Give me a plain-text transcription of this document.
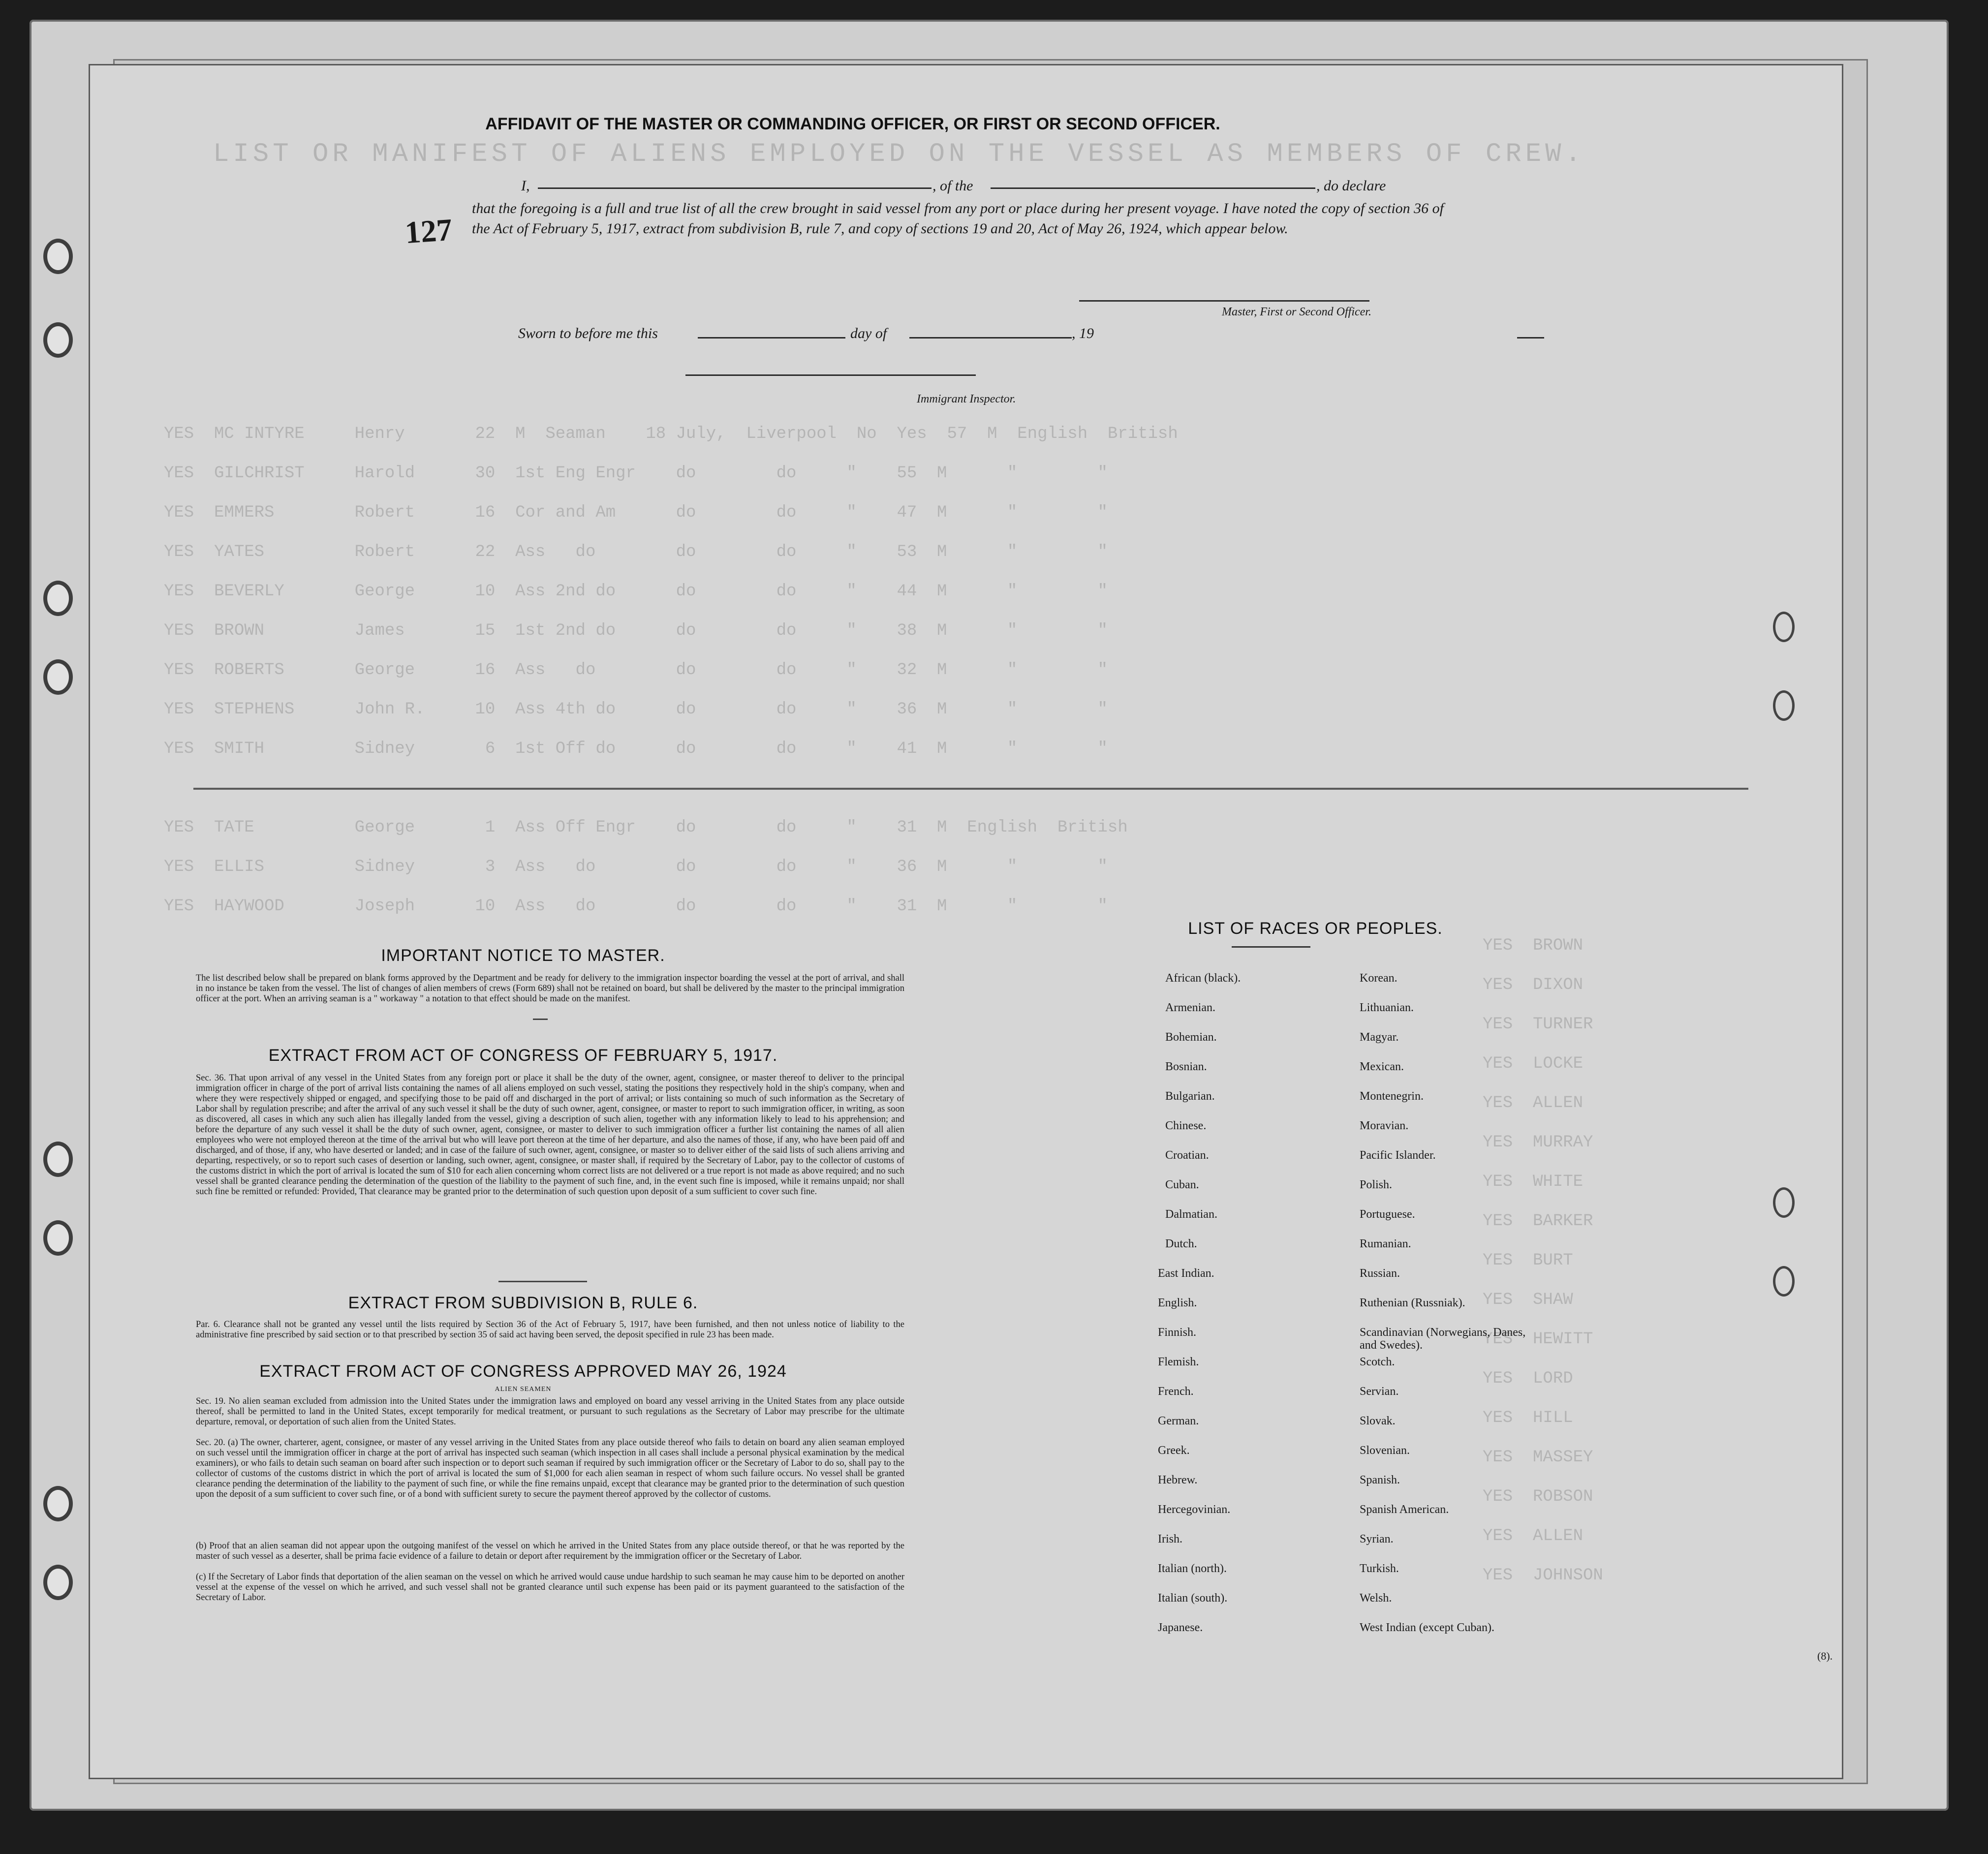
LIST OR MANIFEST OF ALIENS EMPLOYED ON THE VESSEL AS MEMBERS OF CREW.
YES  MC INTYRE     Henry       22  M  Seaman    18 July,  Liverpool  No  Yes  57  M  English  British
YES  GILCHRIST     Harold      30  1st Eng Engr    do        do     "    55  M      "        "
YES  EMMERS        Robert      16  Cor and Am      do        do     "    47  M      "        "
YES  YATES         Robert      22  Ass   do        do        do     "    53  M      "        "
YES  BEVERLY       George      10  Ass 2nd do      do        do     "    44  M      "        "
YES  BROWN         James       15  1st 2nd do      do        do     "    38  M      "        "
YES  ROBERTS       George      16  Ass   do        do        do     "    32  M      "        "
YES  STEPHENS      John R.     10  Ass 4th do      do        do     "    36  M      "        "
YES  SMITH         Sidney       6  1st Off do      do        do     "    41  M      "        "
YES  TATE          George       1  Ass Off Engr    do        do     "    31  M  English  British
YES  ELLIS         Sidney       3  Ass   do        do        do     "    36  M      "        "
YES  HAYWOOD       Joseph      10  Ass   do        do        do     "    31  M      "        "
YES  BROWN
YES  DIXON
YES  TURNER
YES  LOCKE
YES  ALLEN
YES  MURRAY
YES  WHITE
YES  BARKER
YES  BURT
YES  SHAW
YES  HEWITT
YES  LORD
YES  HILL
YES  MASSEY
YES  ROBSON
YES  ALLEN
YES  JOHNSON
127
AFFIDAVIT OF THE MASTER OR COMMANDING OFFICER, OR FIRST OR SECOND OFFICER.
I,	, of the	, do declare
that the foregoing is a full and true list of all the crew brought in said vessel from any port or place during her present voyage. I have noted the copy of section 36 of the Act of February 5, 1917, extract from subdivision B, rule 7, and copy of sections 19 and 20, Act of May 26, 1924, which appear below.
Master, First or Second Officer.
Sworn to before me this	day of	, 19
Immigrant Inspector.
IMPORTANT NOTICE TO MASTER.
The list described below shall be prepared on blank forms approved by the Department and be ready for delivery to the immigration inspector boarding the vessel at the port of arrival, and shall in no instance be taken from the vessel. The list of changes of alien members of crews (Form 689) shall not be retained on board, but shall be delivered by the master to the principal immigration officer at the port. When an arriving seaman is a " workaway " a notation to that effect should be made on the manifest.
EXTRACT FROM ACT OF CONGRESS OF FEBRUARY 5, 1917.
Sec. 36. That upon arrival of any vessel in the United States from any foreign port or place it shall be the duty of the owner, agent, consignee, or master thereof to deliver to the principal immigration officer in charge of the port of arrival lists containing the names of all aliens employed on such vessel, stating the positions they respectively hold in the ship's company, when and where they were respectively shipped or engaged, and specifying those to be paid off and discharged in the port of arrival; or lists containing so much of such information as the Secretary of Labor shall by regulation prescribe; and after the arrival of any such vessel it shall be the duty of such owner, agent, consignee, or master to report to such immigration officer, in writing, as soon as discovered, all cases in which any such alien has illegally landed from the vessel, giving a description of such alien, together with any information likely to lead to his apprehension; and before the departure of any such vessel it shall be the duty of such owner, agent, consignee, or master to deliver to such immigration officer a further list containing the names of all alien employees who were not employed thereon at the time of the arrival but who will leave port thereon at the time of her departure, and also the names of those, if any, who have been paid off and discharged, and of those, if any, who have deserted or landed; and in case of the failure of such owner, agent, consignee, or master so to deliver either of the said lists of such aliens arriving and departing, respectively, or so to report such cases of desertion or landing, such owner, agent, consignee, or master shall, if required by the Secretary of Labor, pay to the collector of customs of the customs district in which the port of arrival is located the sum of $10 for each alien concerning whom correct lists are not delivered or a true report is not made as above required; and no such vessel shall be granted clearance pending the determination of the question of the liability to the payment of such fine, and, in the event such fine is imposed, while it remains unpaid; nor shall such fine be remitted or refunded: Provided, That clearance may be granted prior to the determination of such question upon deposit of a sum sufficient to cover such fine.
EXTRACT FROM SUBDIVISION B, RULE 6.
Par. 6. Clearance shall not be granted any vessel until the lists required by Section 36 of the Act of February 5, 1917, have been furnished, and then not unless notice of liability to the administrative fine prescribed by said section or to that prescribed by section 35 of said act having been served, the deposit specified in rule 23 has been made.
EXTRACT FROM ACT OF CONGRESS APPROVED MAY 26, 1924
ALIEN SEAMEN
Sec. 19. No alien seaman excluded from admission into the United States under the immigration laws and employed on board any vessel arriving in the United States from any place outside thereof, shall be permitted to land in the United States, except temporarily for medical treatment, or pursuant to such regulations as the Secretary of Labor may prescribe for the ultimate departure, removal, or deportation of such alien from the United States.
Sec. 20. (a) The owner, charterer, agent, consignee, or master of any vessel arriving in the United States from any place outside thereof who fails to detain on board any alien seaman employed on such vessel until the immigration officer in charge at the port of arrival has inspected such seaman (which inspection in all cases shall include a personal physical examination by the medical examiners), or who fails to detain such seaman on board after such inspection or to deport such seaman if required by such immigration officer or the Secretary of Labor to do so, shall pay to the collector of customs of the customs district in which the port of arrival is located the sum of $1,000 for each alien seaman in respect of whom such failure occurs. No vessel shall be granted clearance pending the determination of the liability to the payment of such fine, or while the fine remains unpaid, except that clearance may be granted prior to the determination of such question upon the deposit of a sum sufficient to cover such fine, or of a bond with sufficient surety to secure the payment thereof approved by the collector of customs.
(b) Proof that an alien seaman did not appear upon the outgoing manifest of the vessel on which he arrived in the United States from any place outside thereof, or that he was reported by the master of such vessel as a deserter, shall be prima facie evidence of a failure to detain or deport after requirement by the immigration officer or the Secretary of Labor.
(c) If the Secretary of Labor finds that deportation of the alien seaman on the vessel on which he arrived would cause undue hardship to such seaman he may cause him to be deported on another vessel at the expense of the vessel on which he arrived, and such vessel shall not be granted clearance until such expense has been paid or its payment guaranteed to the satisfaction of the Secretary of Labor.
LIST OF RACES OR PEOPLES.
(8).
African (black).
Armenian.
Bohemian.
Bosnian.
Bulgarian.
Chinese.
Croatian.
Cuban.
Dalmatian.
Dutch.
East Indian.
English.
Finnish.
Flemish.
French.
German.
Greek.
Hebrew.
Hercegovinian.
Irish.
Italian (north).
Italian (south).
Japanese.
Korean.
Lithuanian.
Magyar.
Mexican.
Montenegrin.
Moravian.
Pacific Islander.
Polish.
Portuguese.
Rumanian.
Russian.
Ruthenian (Russniak).
Scandinavian (Norwegians, Danes, and Swedes).
Scotch.
Servian.
Slovak.
Slovenian.
Spanish.
Spanish American.
Syrian.
Turkish.
Welsh.
West Indian (except Cuban).
